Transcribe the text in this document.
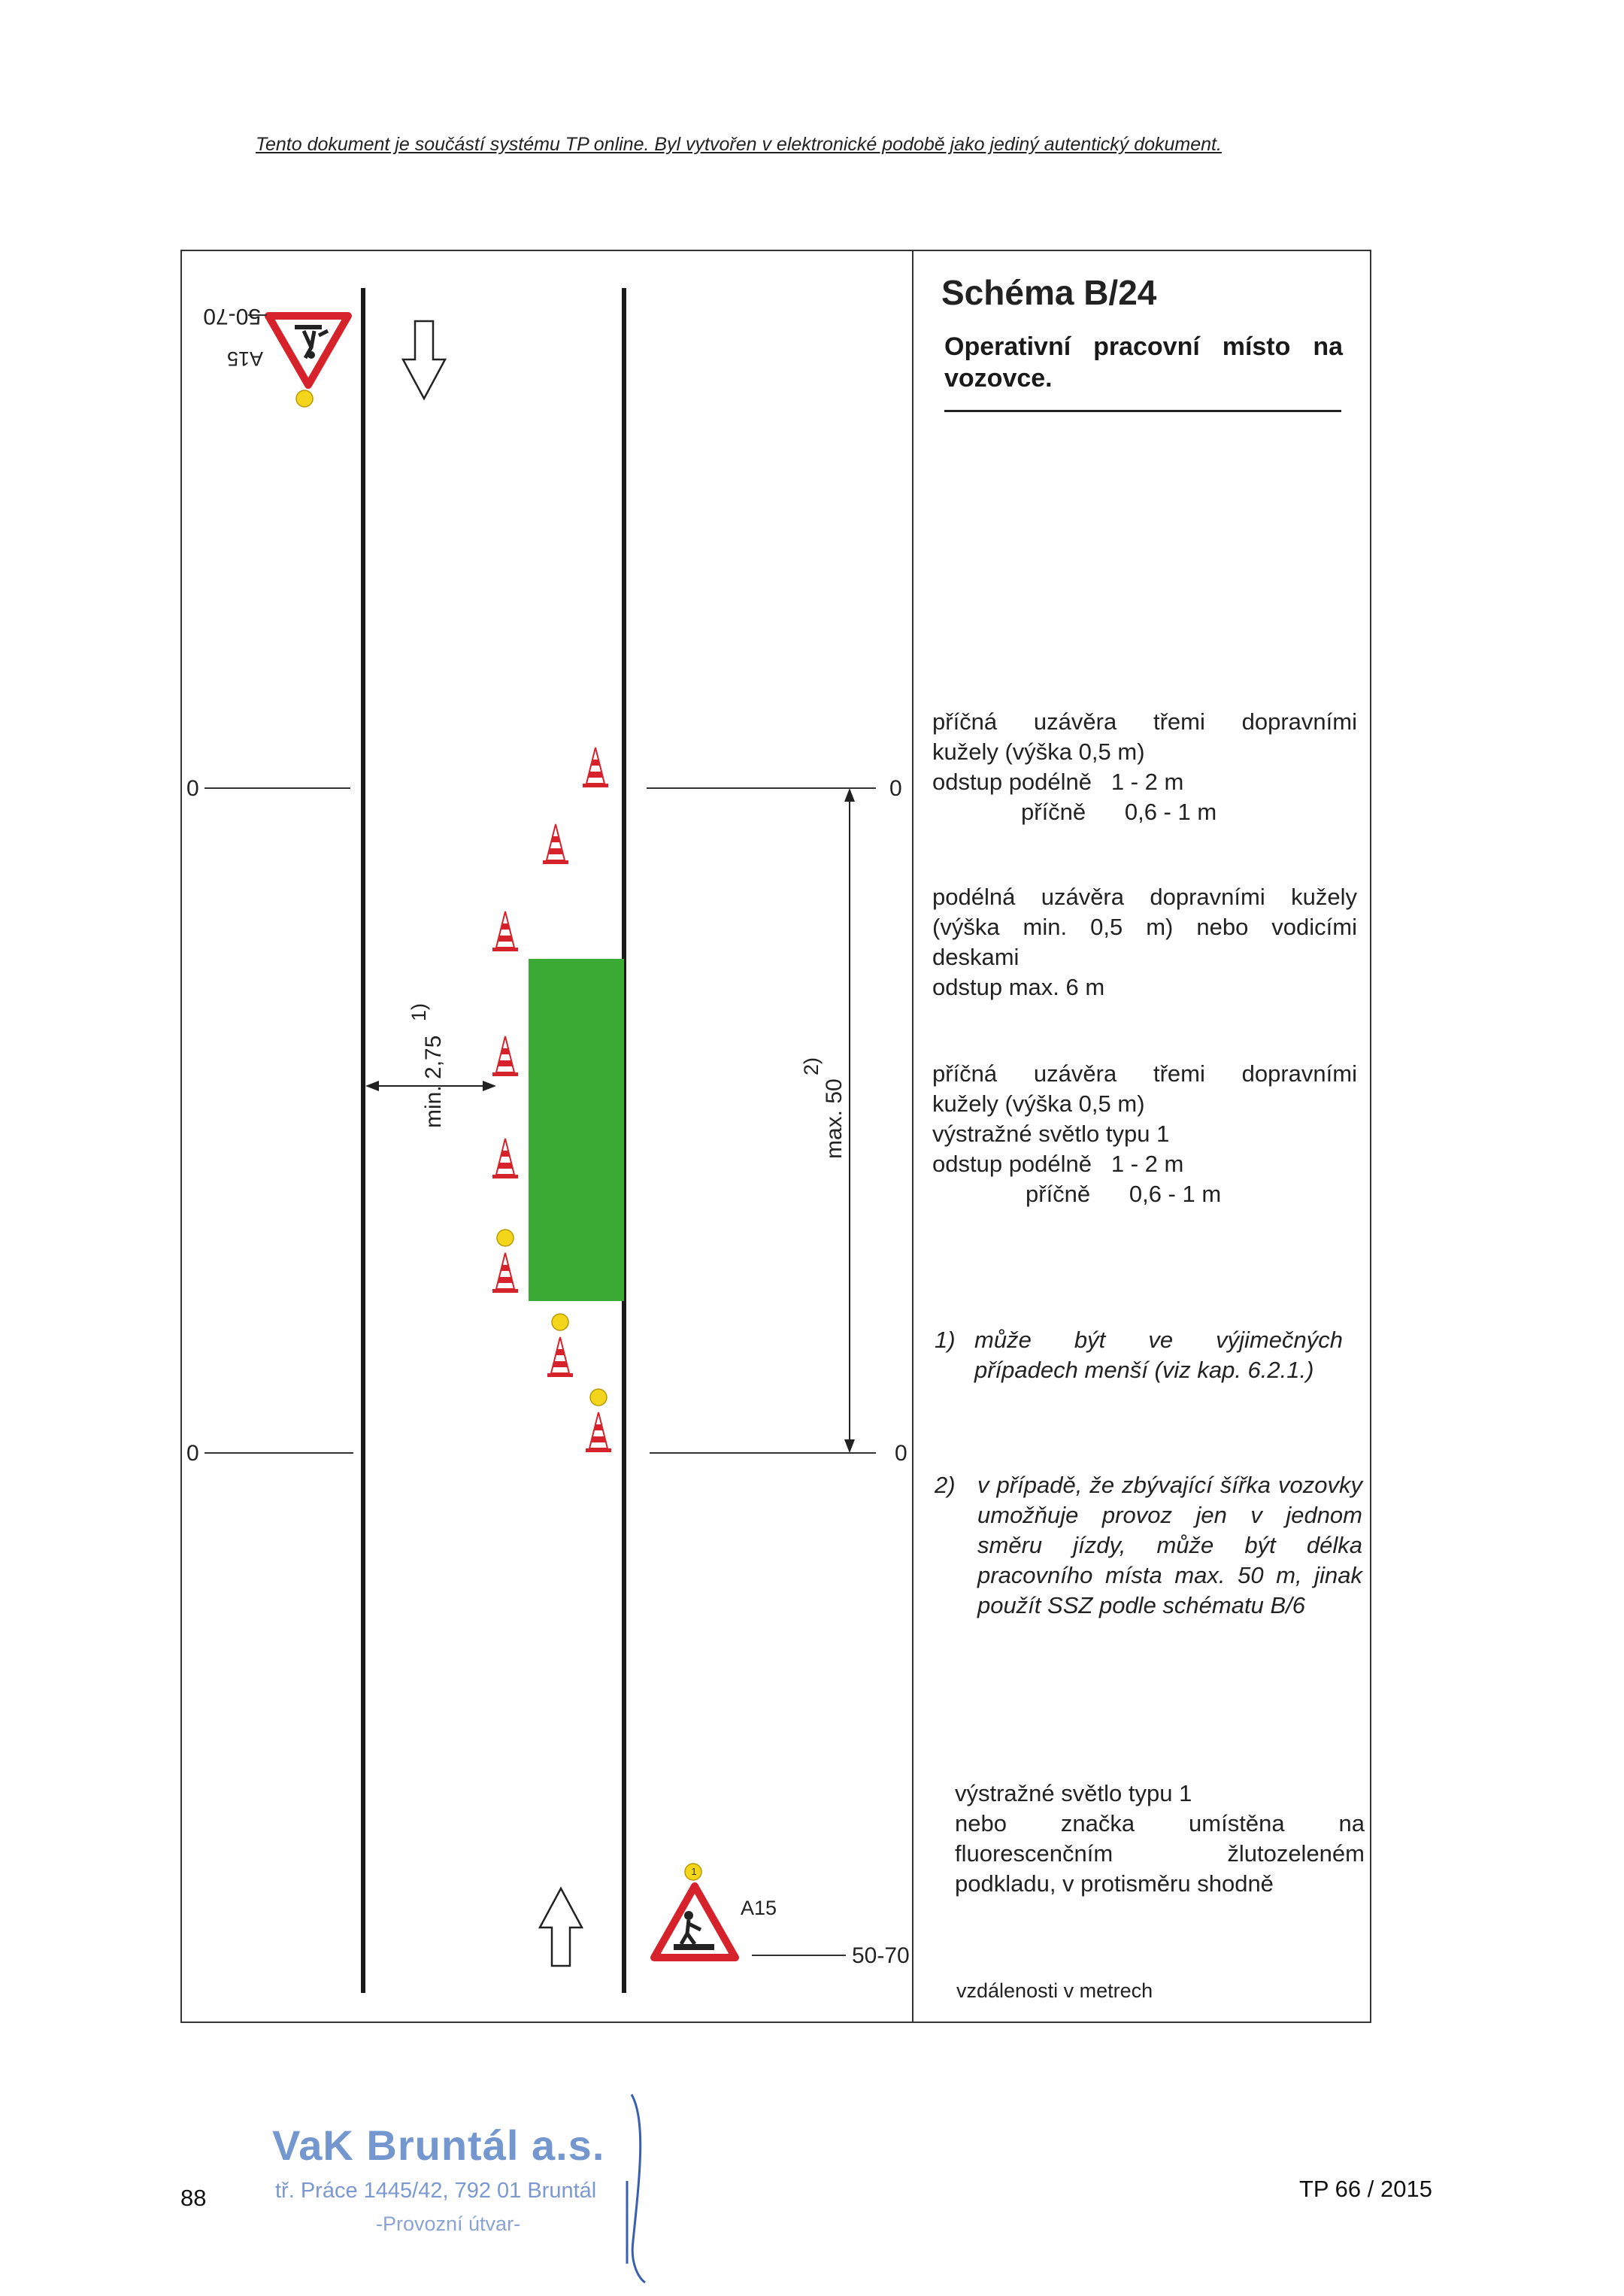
Tento dokument je součástí systému TP online. Byl vytvořen v elektronické podobě jako jediný autentický dokument.
Schéma B/24
Operativní pracovní místo na vozovce.
1
A15
50-70
A15
50-70
0	0
0	0
min. 2,75
1)
max. 50
2)
příčná uzávěra třemi dopravními
kužely (výška 0,5 m)
odstup podélně   1 - 2 m
příčně      0,6 - 1 m
podélná uzávěra dopravními kužely
(výška min. 0,5 m) nebo vodicími
deskami
odstup max. 6 m
příčná uzávěra třemi dopravními
kužely (výška 0,5 m)
výstražné světlo typu 1
odstup podélně   1 - 2 m
příčně      0,6 - 1 m
1) může být ve výjimečných případech menší (viz kap. 6.2.1.)
2) v případě, že zbývající šířka vozovky umožňuje provoz jen v jednom směru jízdy, může být délka pracovního místa max. 50 m, jinak použít SSZ podle schématu B/6
výstražné světlo typu 1
nebo značka umístěna na
fluorescenčním žlutozeleném
podkladu, v protisměru shodně
vzdálenosti v metrech
88	TP 66 / 2015
VaK Bruntál a.s.
tř. Práce 1445/42, 792 01 Bruntál
-Provozní útvar-
